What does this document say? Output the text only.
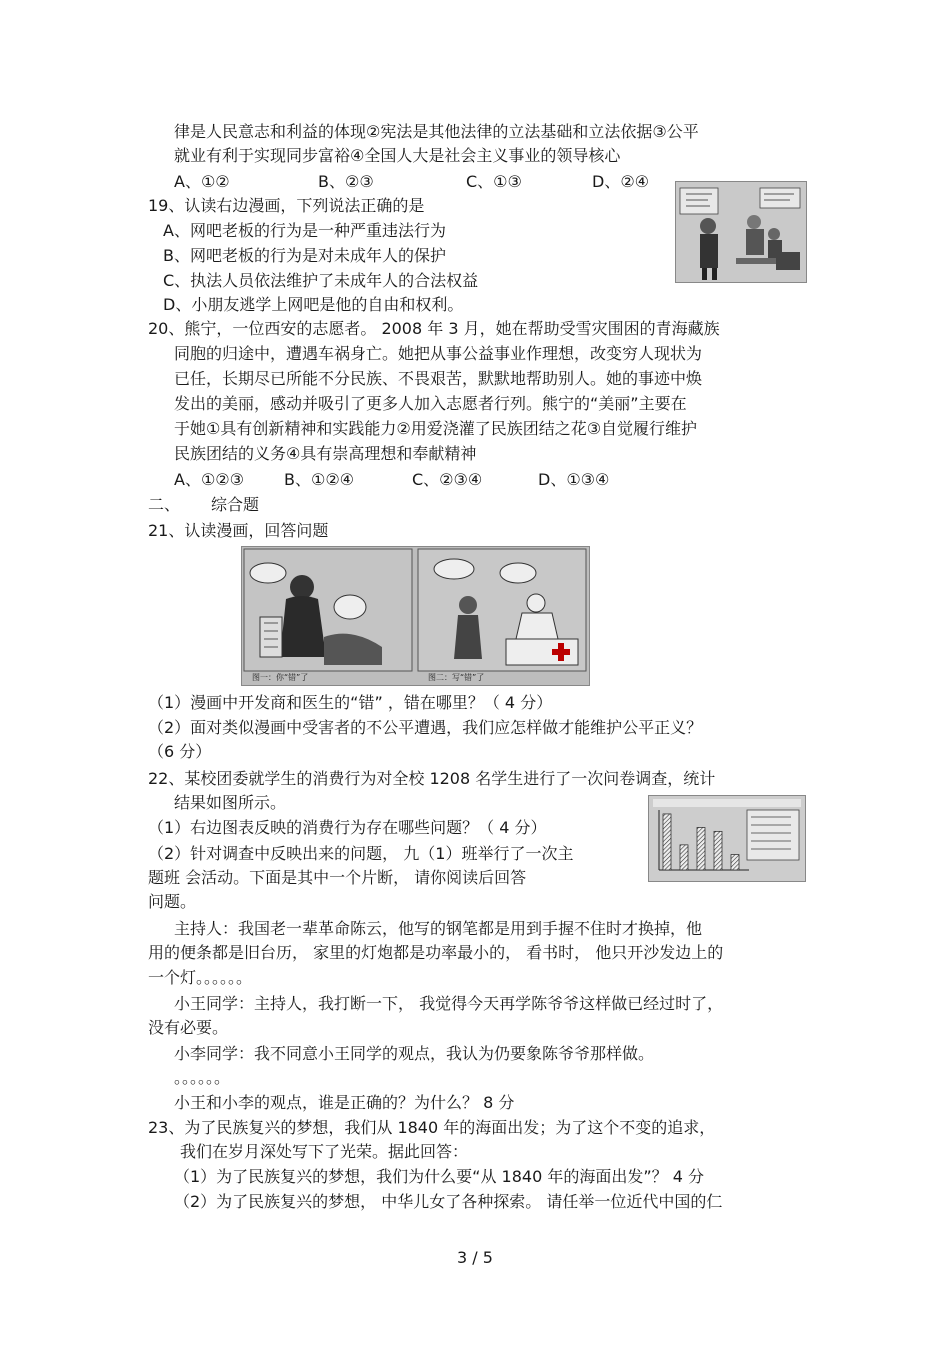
律是人民意志和利益的体现②宪法是其他法律的立法基础和立法依据③公平
就业有利于实现同步富裕④全国人大是社会主义事业的领导核心
A、①②	B、②③	C、①③	D、②④
19、认读右边漫画，下列说法正确的是
A、网吧老板的行为是一种严重违法行为
B、网吧老板的行为是对未成年人的保护
C、执法人员依法维护了未成年人的合法权益
D、小朋友逃学上网吧是他的自由和权利。
20、熊宁，一位西安的志愿者。 2008 年 3 月，她在帮助受雪灾围困的青海藏族
同胞的归途中，遭遇车祸身亡。她把从事公益事业作理想，改变穷人现状为
已任，长期尽已所能不分民族、不畏艰苦，默默地帮助别人。她的事迹中焕
发出的美丽，感动并吸引了更多人加入志愿者行列。熊宁的“美丽”主要在
于她①具有创新精神和实践能力②用爱浇灌了民族团结之花③自觉履行维护
民族团结的义务④具有崇高理想和奉献精神
A、①②③	B、①②④	C、②③④	D、①③④
二、 综合题
21、认读漫画，回答问题
图一：你“错”了	图二：写“错”了
（1）漫画中开发商和医生的“错” ，错在哪里？（ 4 分）
（2）面对类似漫画中受害者的不公平遭遇，我们应怎样做才能维护公平正义？
（6 分）
22、某校团委就学生的消费行为对全校 1208 名学生进行了一次问卷调查，统计
结果如图所示。
（1）右边图表反映的消费行为存在哪些问题？（ 4 分）
（2）针对调查中反映出来的问题， 九（1）班举行了一次主
题班 会活动。下面是其中一个片断， 请你阅读后回答
问题。
主持人：我国老一辈革命陈云，他写的钢笔都是用到手握不住时才换掉，他
用的便条都是旧台历， 家里的灯炮都是功率最小的， 看书时， 他只开沙发边上的
一个灯。。。。。。
小王同学：主持人，我打断一下， 我觉得今天再学陈爷爷这样做已经过时了，
没有必要。
小李同学：我不同意小王同学的观点，我认为仍要象陈爷爷那样做。
。。。。。。
小王和小李的观点，谁是正确的？为什么？ 8 分
23、为了民族复兴的梦想，我们从 1840 年的海面出发；为了这个不变的追求，
我们在岁月深处写下了光荣。据此回答：
（1）为了民族复兴的梦想，我们为什么要“从 1840 年的海面出发”？ 4 分
（2）为了民族复兴的梦想， 中华儿女了各种探索。 请任举一位近代中国的仁
3 / 5
